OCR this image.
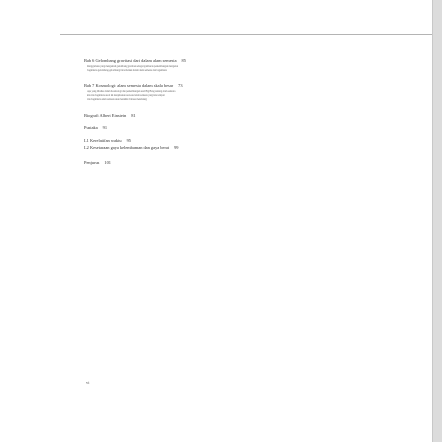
Bab 6 Gelombang gravitasi dari dalam alam semesta 85
Ranggamatra yang mengamati gelombang gravitasi sebagai gambaran perkembangan mengenai
bagaimana gelombang-gelombang ini terbentuk dalam alam semesta dan bagaimana
Bab 7 Kosmologi: alam semesta dalam skala besar 73
Apa yang dibahas dalam Kosmologi dan perkembangan teori Big Bang tentang alam semesta
kita dan bagaimana teori ini menjelaskan asal-usul alam semesta yang kita tempati
dan bagaimana alam semesta akan berakhir di masa mendatang
Biografi Albert Einstein 81
Pustaka 91
L1 Kerelatifan waktu 95
L2 Kesetaraan gaya kelembaman dan gaya berat 99
Penjurus 101
vi
